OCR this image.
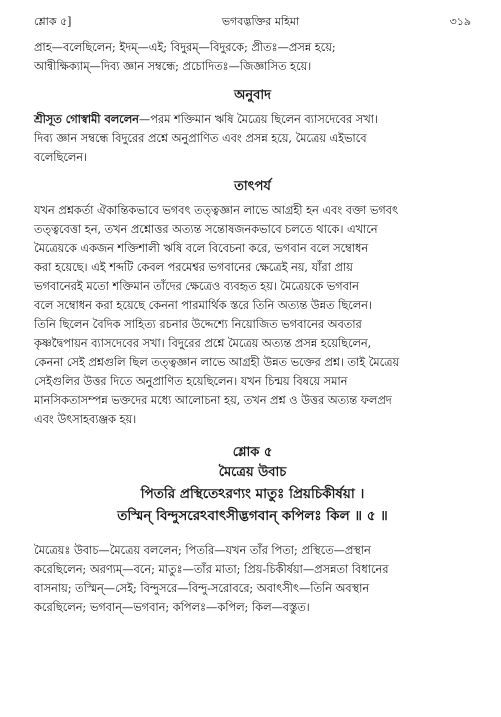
শ্লোক ৫]	ভগবদ্ভক্তির মহিমা	৩১৯

প্রাহ—বলেছিলেন; ইদম্—এই; বিদুরম্—বিদুরকে; প্রীতঃ—প্রসন্ন হয়ে;

আন্বীক্ষিক্যাম্—দিব্য জ্ঞান সম্বন্ধে; প্রচোদিতঃ—জিজ্ঞাসিত হয়ে।

অনুবাদ

শ্রীসূত গোস্বামী বললেন—পরম শক্তিমান ঋষি মৈত্রেয় ছিলেন ব্যাসদেবের সখা।

দিব্য জ্ঞান সম্বন্ধে বিদুরের প্রশ্নে অনুপ্রাণিত এবং প্রসন্ন হয়ে, মৈত্রেয় এইভাবে

বলেছিলেন।

তাৎপর্য

যখন প্রশ্নকর্তা ঐকান্তিকভাবে ভগবৎ তত্ত্বজ্ঞান লাভে আগ্রহী হন এবং বক্তা ভগবৎ

তত্ত্ববেত্তা হন, তখন প্রশ্নোত্তর অত্যন্ত সন্তোষজনকভাবে চলতে থাকে। এখানে

মৈত্রেয়কে একজন শক্তিশালী ঋষি বলে বিবেচনা করে, ভগবান বলে সম্বোধন

করা হয়েছে। এই শব্দটি কেবল পরমেশ্বর ভগবানের ক্ষেত্রেই নয়, যাঁরা প্রায়

ভগবানেরই মতো শক্তিমান তাঁদের ক্ষেত্রেও ব্যবহৃত হয়। মৈত্রেয়কে ভগবান

বলে সম্বোধন করা হয়েছে কেননা পারমার্থিক স্তরে তিনি অত্যন্ত উন্নত ছিলেন।

তিনি ছিলেন বৈদিক সাহিত্য রচনার উদ্দেশ্যে নিয়োজিত ভগবানের অবতার

কৃষ্ণদ্বৈপায়ন ব্যাসদেবের সখা। বিদুরের প্রশ্নে মৈত্রেয় অত্যন্ত প্রসন্ন হয়েছিলেন,

কেননা সেই প্রশ্নগুলি ছিল তত্ত্বজ্ঞান লাভে আগ্রহী উন্নত ভক্তের প্রশ্ন। তাই মৈত্রেয়

সেইগুলির উত্তর দিতে অনুপ্রাণিত হয়েছিলেন। যখন চিন্ময় বিষয়ে সমান

মানসিকতাসম্পন্ন ভক্তদের মধ্যে আলোচনা হয়, তখন প্রশ্ন ও উত্তর অত্যন্ত ফলপ্রদ

এবং উৎসাহব্যঞ্জক হয়।

শ্লোক ৫
মৈত্রেয় উবাচ
পিতরি প্রস্থিতেঽরণ্যং মাতুঃ প্রিয়চিকীর্ষয়া ।
তস্মিন্ বিন্দুসরেঽবাৎসীদ্ভগবান্ কপিলঃ কিল ॥ ৫ ॥

মৈত্রেয়ঃ উবাচ—মৈত্রেয় বললেন; পিতরি—যখন তাঁর পিতা; প্রস্থিতে—প্রস্থান

করেছিলেন; অরণ্যম্—বনে; মাতুঃ—তাঁর মাতা; প্রিয়-চিকীর্ষয়া—প্রসন্নতা বিধানের

বাসনায়; তস্মিন্—সেই; বিন্দুসরে—বিন্দু-সরোবরে; অবাৎসীৎ—তিনি অবস্থান

করেছিলেন; ভগবান্—ভগবান; কপিলঃ—কপিল; কিল—বস্তুত।
